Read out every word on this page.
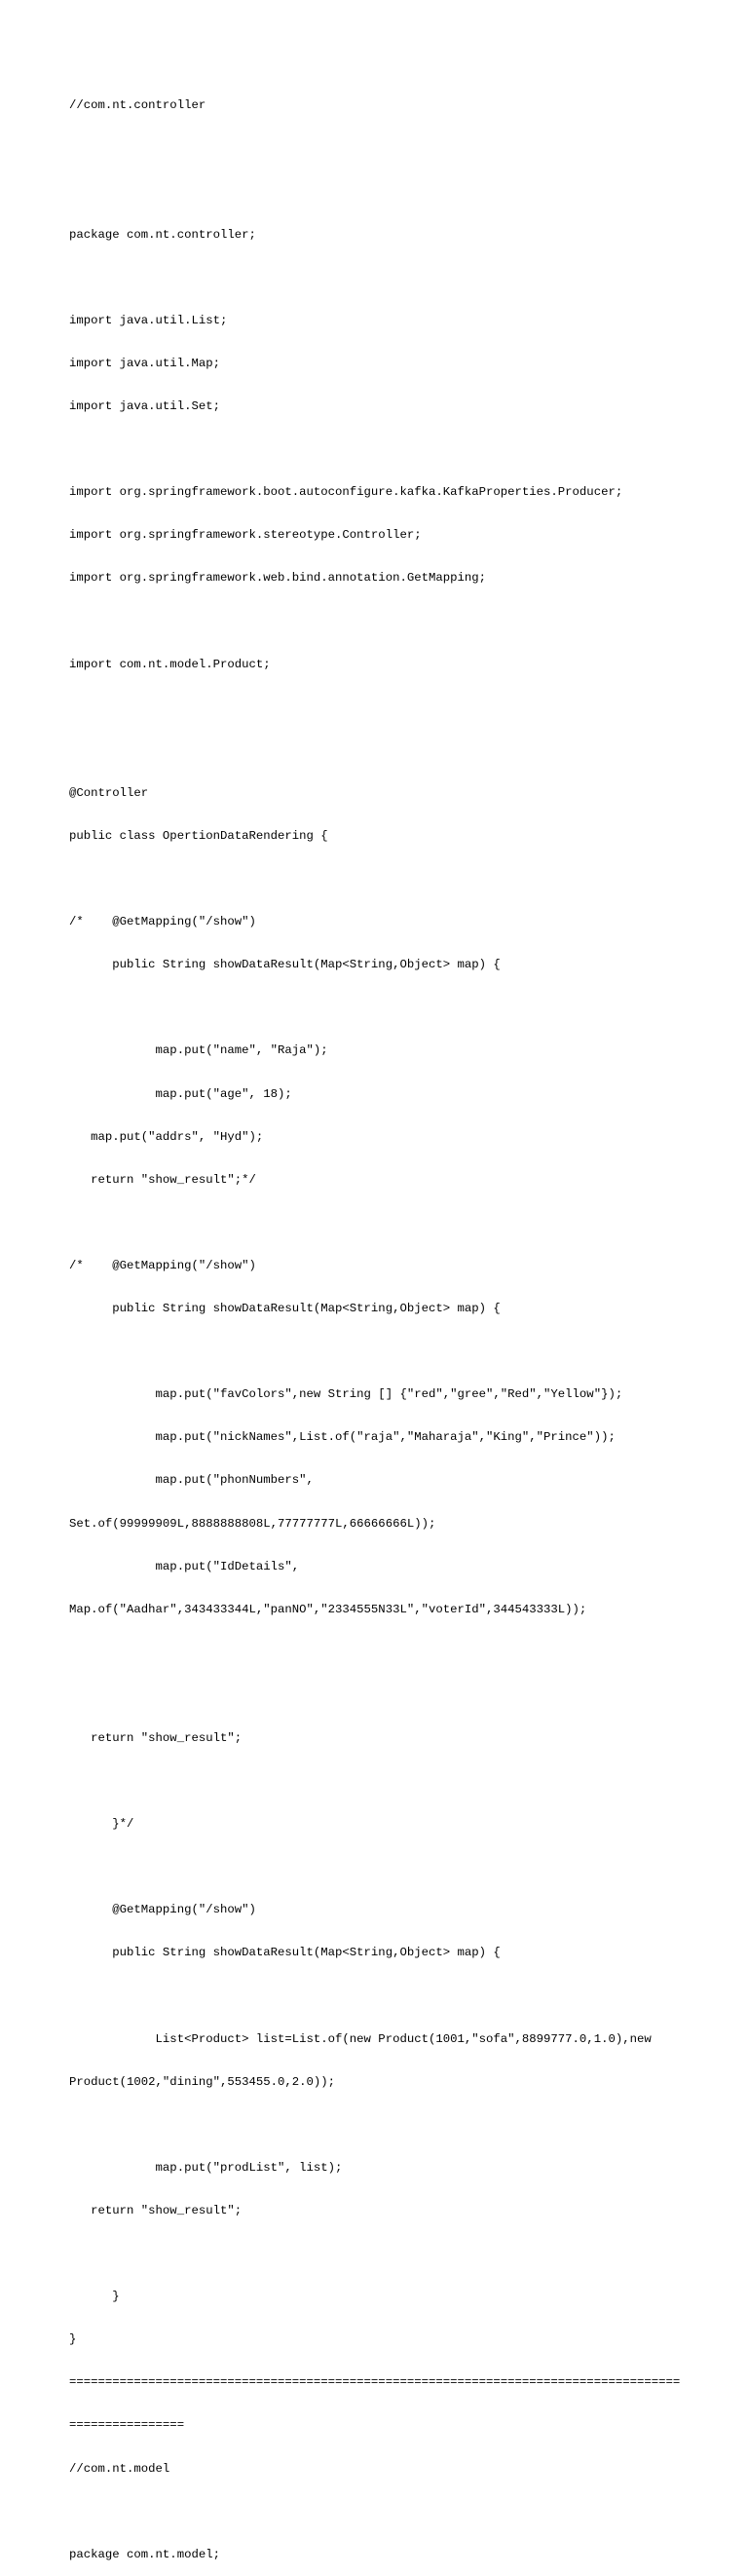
//com.nt.controller

package com.nt.controller;

import java.util.List;

import java.util.Map;

import java.util.Set;

import org.springframework.boot.autoconfigure.kafka.KafkaProperties.Producer;

import org.springframework.stereotype.Controller;

import org.springframework.web.bind.annotation.GetMapping;

import com.nt.model.Product;

@Controller

public class OpertionDataRendering {

/*    @GetMapping("/show")

public String showDataResult(Map<String,Object> map) {

map.put("name", "Raja");

map.put("age", 18);

map.put("addrs", "Hyd");

return "show_result";*/

/*    @GetMapping("/show")

public String showDataResult(Map<String,Object> map) {

map.put("favColors",new String [] {"red","gree","Red","Yellow"});

map.put("nickNames",List.of("raja","Maharaja","King","Prince"));

map.put("phonNumbers",

Set.of(99999909L,8888888808L,77777777L,66666666L));

map.put("IdDetails",

Map.of("Aadhar",343433344L,"panNO","2334555N33L","voterId",344543333L));

return "show_result";

}*/

@GetMapping("/show")

public String showDataResult(Map<String,Object> map) {

List<Product> list=List.of(new Product(1001,"sofa",8899777.0,1.0),new

Product(1002,"dining",553455.0,2.0));

map.put("prodList", list);

return "show_result";

}

}

=====================================================================================

================

//com.nt.model

package com.nt.model;
